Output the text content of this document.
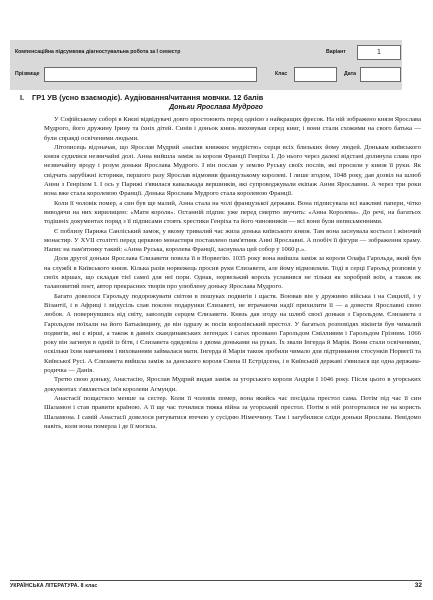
Компенсаційна підсумкова діагностувальна робота за І семестр	Варіант	1
Прізвище	Клас	Дата
І. ГР1 УВ (усно взаємодіє). Аудіювання/читання мовчки. 12 балів
Доньки Ярослава Мудрого

У Софійському соборі в Києві відвідувачі довго простоюють перед однією з найкращих фресок. На ній зображено князя Ярослава Мудрого, його дружину Ірину та їхніх дітей. Синів і доньок князь виховував серед книг, і вони стали схожими на свого батька — були справді освіченими людьми.

Літописець відзначав, що Ярослав Мудрий «насіяв книжкоє мудрістю» серця всіх близьких йому людей. Донькам київського князя судилися незвичайні долі. Анна вийшла заміж за короля Франції Генріха І. До нього через далекі відстані долинула слава про незвичайну вроду і розум доньки Ярослава Мудрого. І він послав у землю Руську своїх послів, які просили у князя її руки. Як свідчать зарубіжні історики, першого разу Ярослав відмовив французькому королеві. І лише згодом, 1048 року, дав дозвіл на шлюб Анни з Генріхом І. І ось у Парижі з'явилася кавалькада вершників, які супроводжували екіпаж Анни Ярославни. А через три роки вона вже стала королевою Франції. Донька Ярослава Мудрого стала королевою Франції.

Коли її чоловік помер, а син був ще малий, Анна стала на чолі французької держави. Вона підписувала всі важливі папери, чітко виводячи на них кирилицею: «Мати короля». Останній підпис уже перед смертю звучить: «Анна Королева». До речі, на багатьох тодішніх документах поряд з її підписами стоять хрестики Генріха та його чиновників — всі вони були неписьменними.

Є поблизу Парижа Санліський замок, у якому тривалий час жила донька київського князя. Там вона заснувала костьол і жіночий монастир. У XVII столітті перед церквою монастиря поставлено пам'ятник Анні Ярославні. А пообіч її фігури — зображення храму. Напис на пам'ятнику такий: «Анна Руська, королева Франції, заснувала цей собор у 1060 р.».

Доля другої доньки Ярослава Єлизавети повела її в Норвегію. 1035 року вона вийшла заміж за короля Олафа Гарольда, який був на службі в Київського князя. Кілька разів норвежець просив руки Єлизавети, але йому відмовляли. Тоді в серці Гарольд розповів у своїх віршах, що складав тієї самої для неї пори. Однак, норвезький король уславився не тільки як хоробрий воїн, а також як талановитий поет, автор прекрасних творів про улюблену доньку Ярослава Мудрого.

Багато довелося Гарольду подорожувати світом в пошуках подвигів і щастя. Воював він у дружиню війська і на Сицилії, і у Візантії, і в Африці і звідусіль слав поклон подарунки Єлизаветі, не втрачаючи надії прихилити її — а довести Ярославні свою любов. А повернувшись від світу, заволодів серцем Єлизавети. Князь дав згоду на шлюб своєї доньки з Гарольдом. Єлизавета з Гарольдом поїхали на його Батьківщину, де він одразу ж посів королівський престол. У багатьох розповідях вікінгів був чималий подвигів, які є вірші, а також в давніх скандинавських легендах і сагах прозвано Гарольдом Смілливим і Гарольдом Грізним. 1066 року він загинув в одній із бітв, і Єлизавета одвдовіла з двома доньками на руках. Їх звали Інгерда й Марія. Вони стали освіченими, оскільки їхня навчанням і вихованням займалася мати. Інгерда й Марія також зробили чимало для підтримання стосунків Норвегії та Київської Русі. А Єлизавета вийшла заміж за данського короля Свена ІІ Естрідсена, і в Київській державі з'явилася ще одна держава-родичка — Данія.

Третю свою доньку, Анастасію, Ярослав Мудрий видав заміж за угорського короля Андрія І 1046 року. Після цього в угорських документах з'являється ім'я королеви Агмунди.

Анастасії пощастило менше за сестер. Коли її чоловік помер, вона якийсь час посідала престол сама. Потім під час її син Шаламон і став правити країною. А її ще час точилися тяжка війна за угорський престол. Потім в ній розгорталися не на користь Шаламона. І самій Анастасії довелося рятуватися втечею у сусідню Німеччину. Там і загубилися сліди доньки Ярослава. Невідомо навіть, коли вона померла і де її могила.

УКРАЇНСЬКА ЛІТЕРАТУРА. 8 клас	32
